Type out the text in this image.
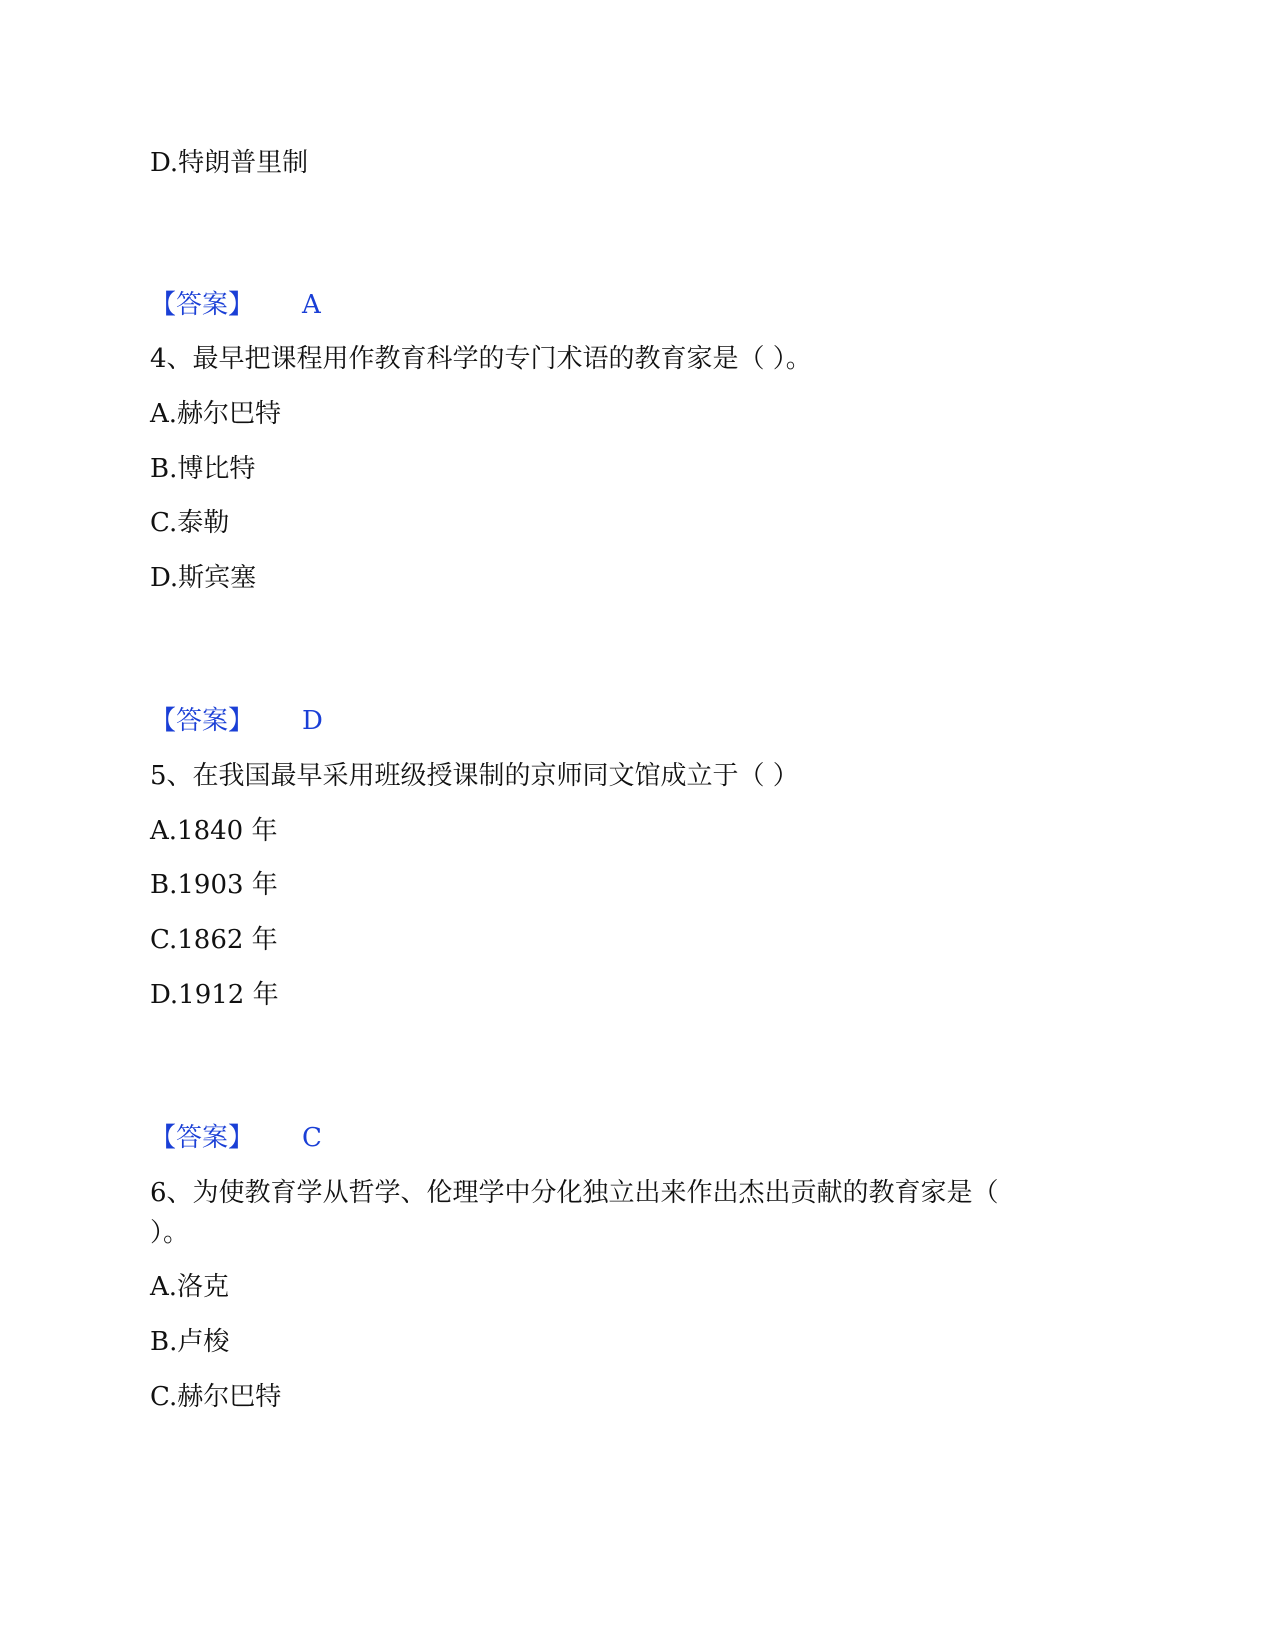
D.特朗普里制
【答案】 A
4、最早把课程用作教育科学的专门术语的教育家是（ ）。
A.赫尔巴特
B.博比特
C.泰勒
D.斯宾塞
【答案】 D
5、在我国最早采用班级授课制的京师同文馆成立于（ ）
A.1840 年
B.1903 年
C.1862 年
D.1912 年
【答案】 C
6、为使教育学从哲学、伦理学中分化独立出来作出杰出贡献的教育家是（
）。
A.洛克
B.卢梭
C.赫尔巴特
